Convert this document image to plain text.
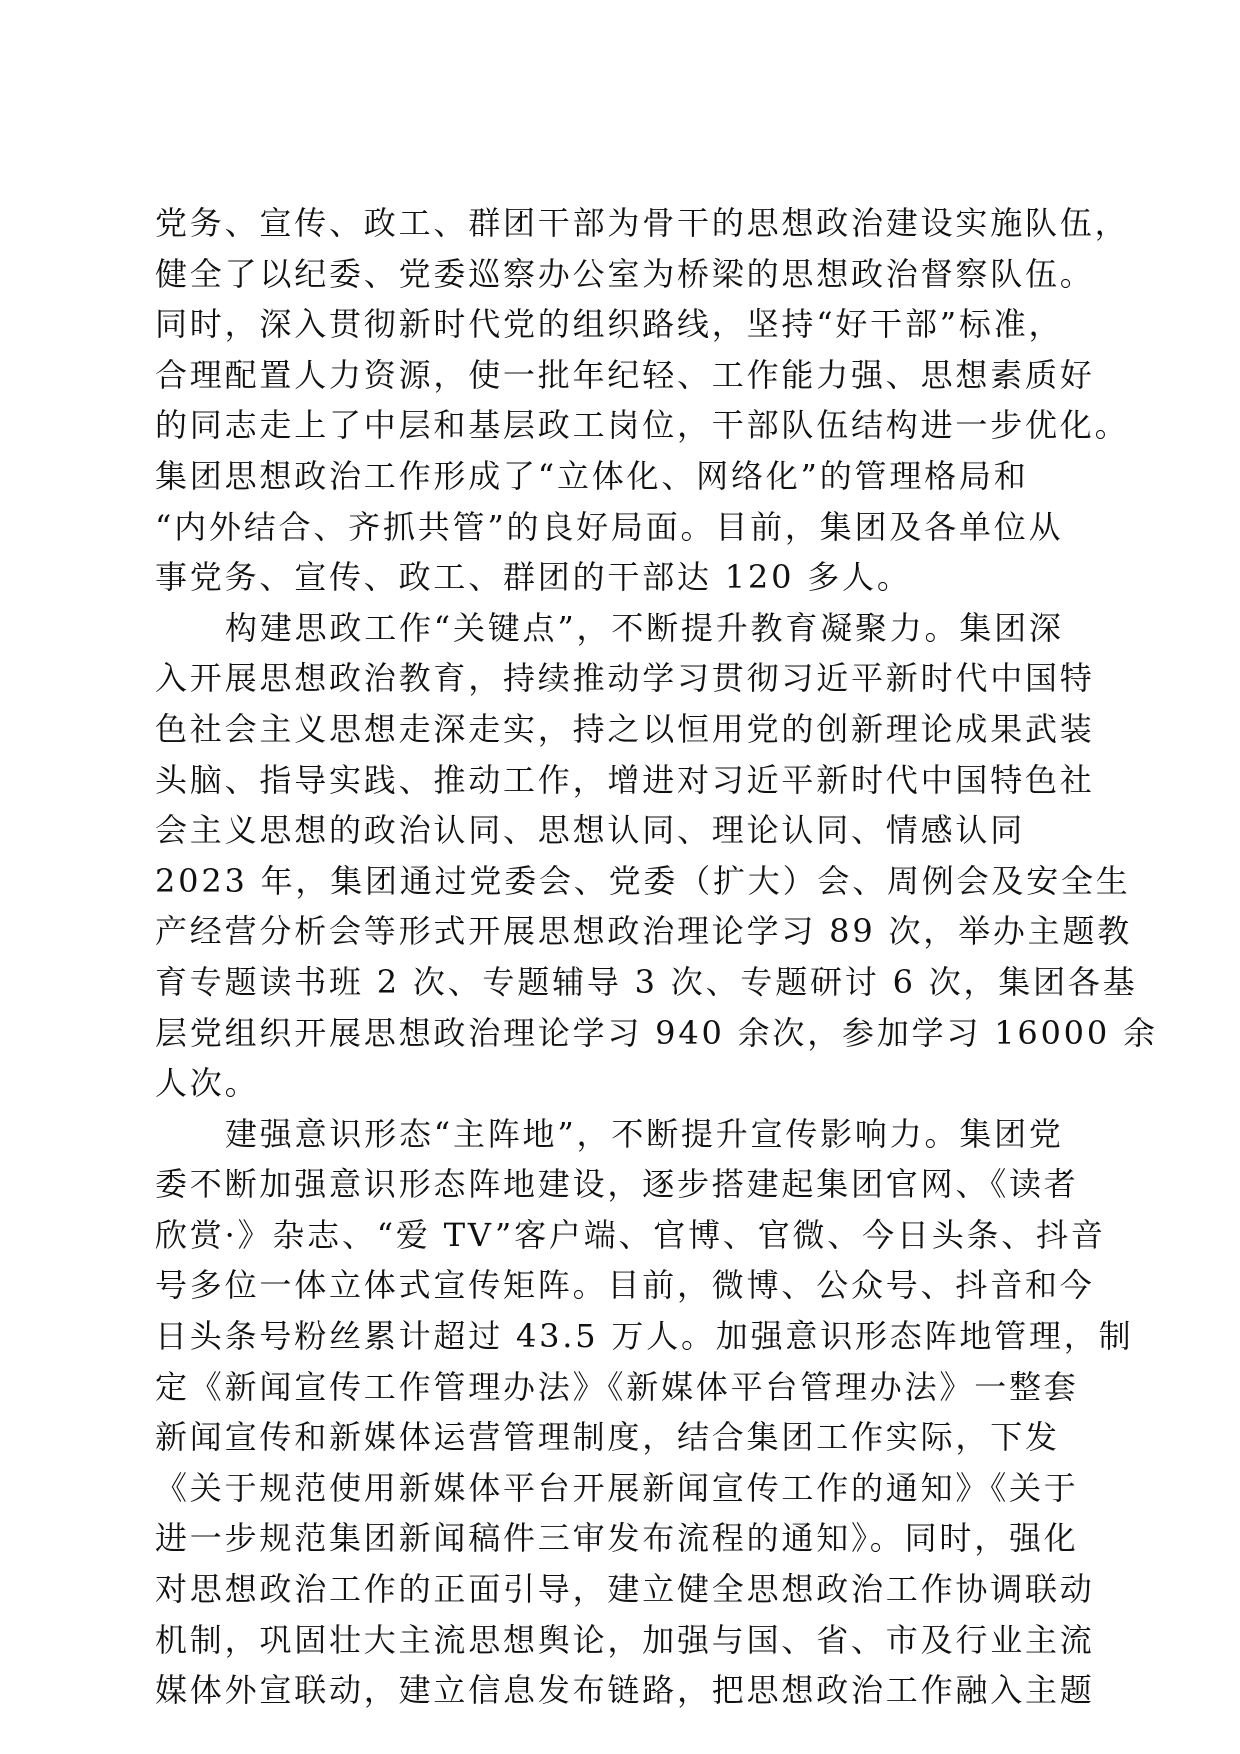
党务、宣传、政工、群团干部为骨干的思想政治建设实施队伍，
健全了以纪委、党委巡察办公室为桥梁的思想政治督察队伍。
同时，深入贯彻新时代党的组织路线，坚持“好干部”标准，
合理配置人力资源，使一批年纪轻、工作能力强、思想素质好
的同志走上了中层和基层政工岗位，干部队伍结构进一步优化。
集团思想政治工作形成了“立体化、网络化”的管理格局和
“内外结合、齐抓共管”的良好局面。目前，集团及各单位从
事党务、宣传、政工、群团的干部达 120 多人。
构建思政工作“关键点”，不断提升教育凝聚力。集团深
入开展思想政治教育，持续推动学习贯彻习近平新时代中国特
色社会主义思想走深走实，持之以恒用党的创新理论成果武装
头脑、指导实践、推动工作，增进对习近平新时代中国特色社
会主义思想的政治认同、思想认同、理论认同、情感认同
2023 年，集团通过党委会、党委（扩大）会、周例会及安全生
产经营分析会等形式开展思想政治理论学习 89 次，举办主题教
育专题读书班 2 次、专题辅导 3 次、专题研讨 6 次，集团各基
层党组织开展思想政治理论学习 940 余次，参加学习 16000 余
人次。
建强意识形态“主阵地”，不断提升宣传影响力。集团党
委不断加强意识形态阵地建设，逐步搭建起集团官网、《读者
欣赏·》杂志、“爱 TV”客户端、官博、官微、今日头条、抖音
号多位一体立体式宣传矩阵。目前，微博、公众号、抖音和今
日头条号粉丝累计超过 43.5 万人。加强意识形态阵地管理，制
定《新闻宣传工作管理办法》《新媒体平台管理办法》一整套
新闻宣传和新媒体运营管理制度，结合集团工作实际，下发
《关于规范使用新媒体平台开展新闻宣传工作的通知》《关于
进一步规范集团新闻稿件三审发布流程的通知》。同时，强化
对思想政治工作的正面引导，建立健全思想政治工作协调联动
机制，巩固壮大主流思想舆论，加强与国、省、市及行业主流
媒体外宣联动，建立信息发布链路，把思想政治工作融入主题
